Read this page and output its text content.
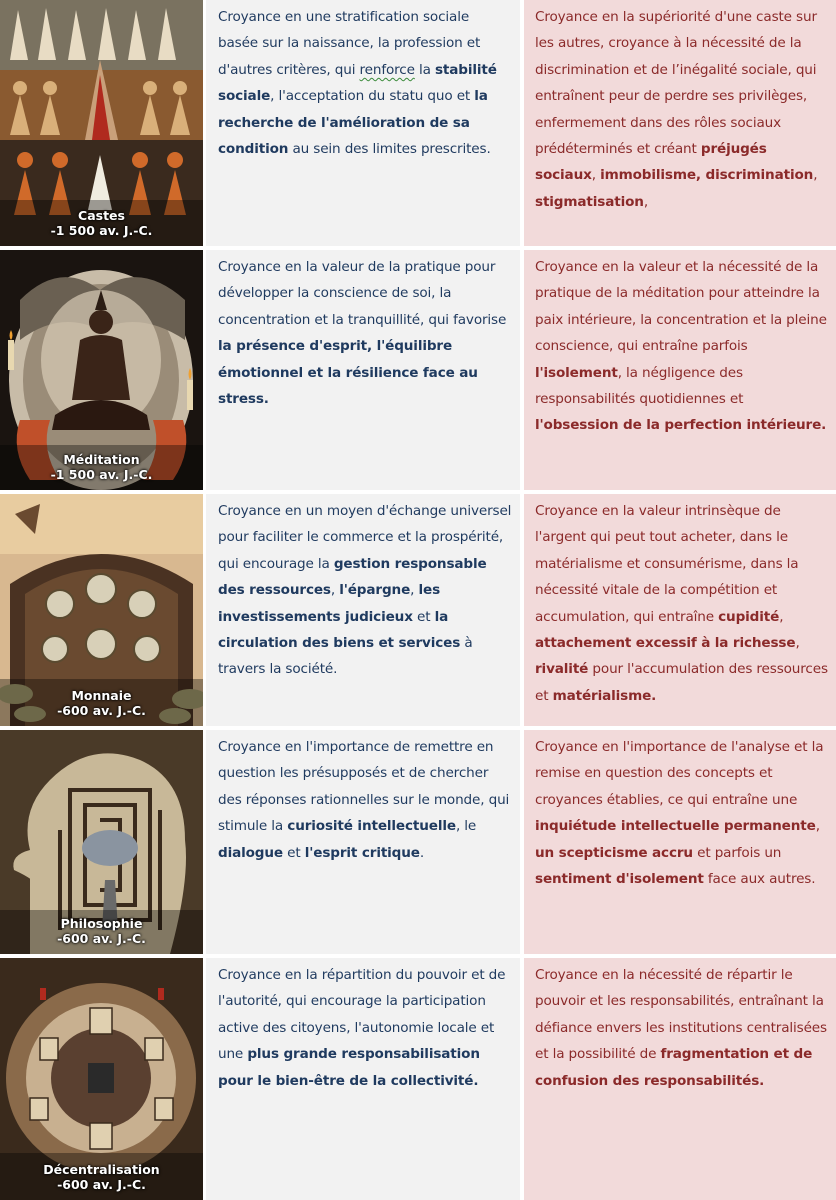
Castes
-1 500 av. J.-C.

Croyance en une stratification sociale basée sur la naissance, la profession et d'autres critères, qui renforce la stabilité sociale, l'acceptation du statu quo et la recherche de l'amélioration de sa condition au sein des limites prescrites.

Croyance en la supériorité d'une caste sur les autres, croyance à la nécessité de la discrimination et de l’inégalité sociale, qui entraînent peur de perdre ses privilèges, enfermement dans des rôles sociaux prédéterminés et créant préjugés sociaux, immobilisme, discrimination, stigmatisation,

Méditation
-1 500 av. J.-C.

Croyance en la valeur de la pratique pour développer la conscience de soi, la concentration et la tranquillité, qui favorise la présence d'esprit, l'équilibre émotionnel et la résilience face au stress.

Croyance en la valeur et la nécessité de la pratique de la méditation pour atteindre la paix intérieure, la concentration et la pleine conscience, qui entraîne parfois l'isolement, la négligence des responsabilités quotidiennes et l'obsession de la perfection intérieure.

Monnaie
-600 av. J.-C.

Croyance en un moyen d'échange universel pour faciliter le commerce et la prospérité, qui encourage la gestion responsable des ressources, l'épargne, les investissements judicieux et la circulation des biens et services à travers la société.

Croyance en la valeur intrinsèque de l'argent qui peut tout acheter, dans le matérialisme et consumérisme, dans la nécessité vitale de la compétition et accumulation, qui entraîne cupidité, attachement excessif à la richesse, rivalité pour l'accumulation des ressources et matérialisme.

Philosophie
-600 av. J.-C.

Croyance en l'importance de remettre en question les présupposés et de chercher des réponses rationnelles sur le monde, qui stimule la curiosité intellectuelle, le dialogue et l'esprit critique.

Croyance en l'importance de l'analyse et la remise en question des concepts et croyances établies, ce qui entraîne une inquiétude intellectuelle permanente, un scepticisme accru et parfois un sentiment d'isolement face aux autres.

Décentralisation
-600 av. J.-C.

Croyance en la répartition du pouvoir et de l'autorité, qui encourage la participation active des citoyens, l'autonomie locale et une plus grande responsabilisation pour le bien-être de la collectivité.

Croyance en la nécessité de répartir le pouvoir et les responsabilités, entraînant la défiance envers les institutions centralisées et la possibilité de fragmentation et de confusion des responsabilités.
